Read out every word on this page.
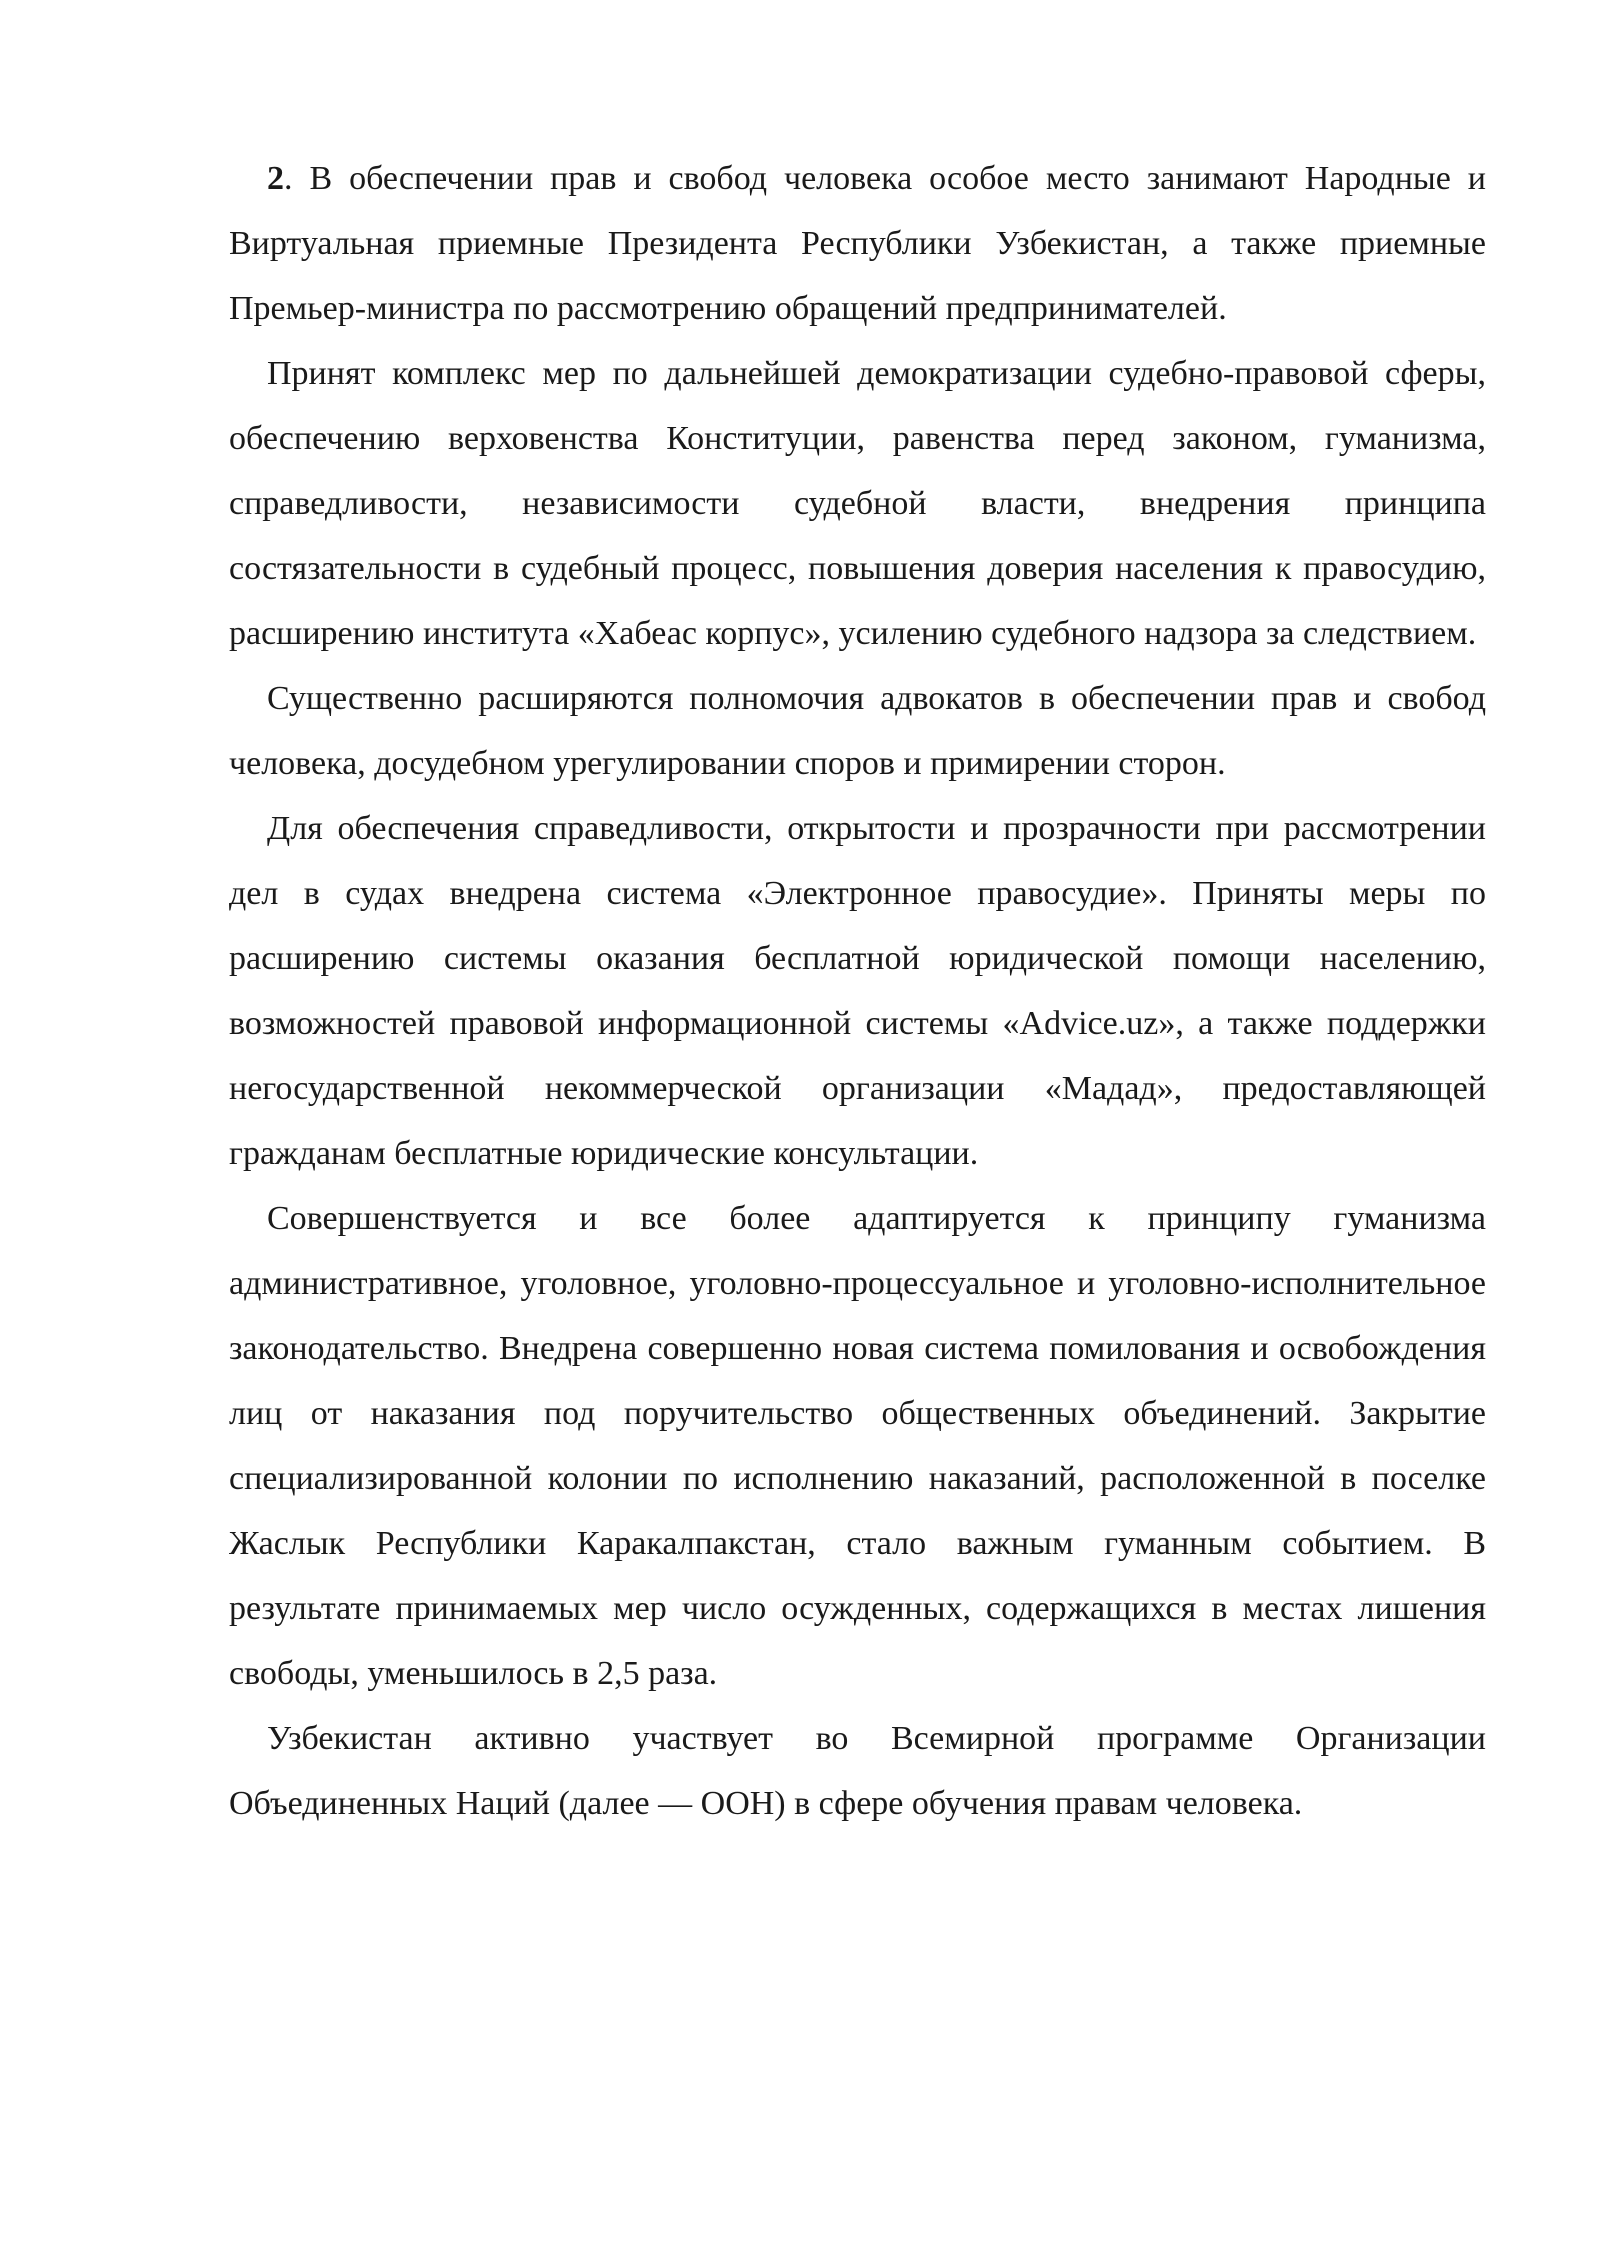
2. В обеспечении прав и свобод человека особое место занимают Народные и Виртуальная приемные Президента Республики Узбекистан, а также приемные Премьер-министра по рассмотрению обращений предпринимателей.

Принят комплекс мер по дальнейшей демократизации судебно-правовой сферы, обеспечению верховенства Конституции, равенства перед законом, гуманизма, справедливости, независимости судебной власти, внедрения принципа состязательности в судебный процесс, повышения доверия населения к правосудию, расширению института «Хабеас корпус», усилению судебного надзора за следствием.

Существенно расширяются полномочия адвокатов в обеспечении прав и свобод человека, досудебном урегулировании споров и примирении сторон.

Для обеспечения справедливости, открытости и прозрачности при рассмотрении дел в судах внедрена система «Электронное правосудие». Приняты меры по расширению системы оказания бесплатной юридической помощи населению, возможностей правовой информационной системы «Advice.uz», а также поддержки негосударственной некоммерческой организации «Мадад», предоставляющей гражданам бесплатные юридические консультации.

Совершенствуется и все более адаптируется к принципу гуманизма административное, уголовное, уголовно-процессуальное и уголовно-исполнительное законодательство. Внедрена совершенно новая система помилования и освобождения лиц от наказания под поручительство общественных объединений. Закрытие специализированной колонии по исполнению наказаний, расположенной в поселке Жаслык Республики Каракалпакстан, стало важным гуманным событием. В результате принимаемых мер число осужденных, содержащихся в местах лишения свободы, уменьшилось в 2,5 раза.

Узбекистан активно участвует во Всемирной программе Организации Объединенных Наций (далее — ООН) в сфере обучения правам человека.
